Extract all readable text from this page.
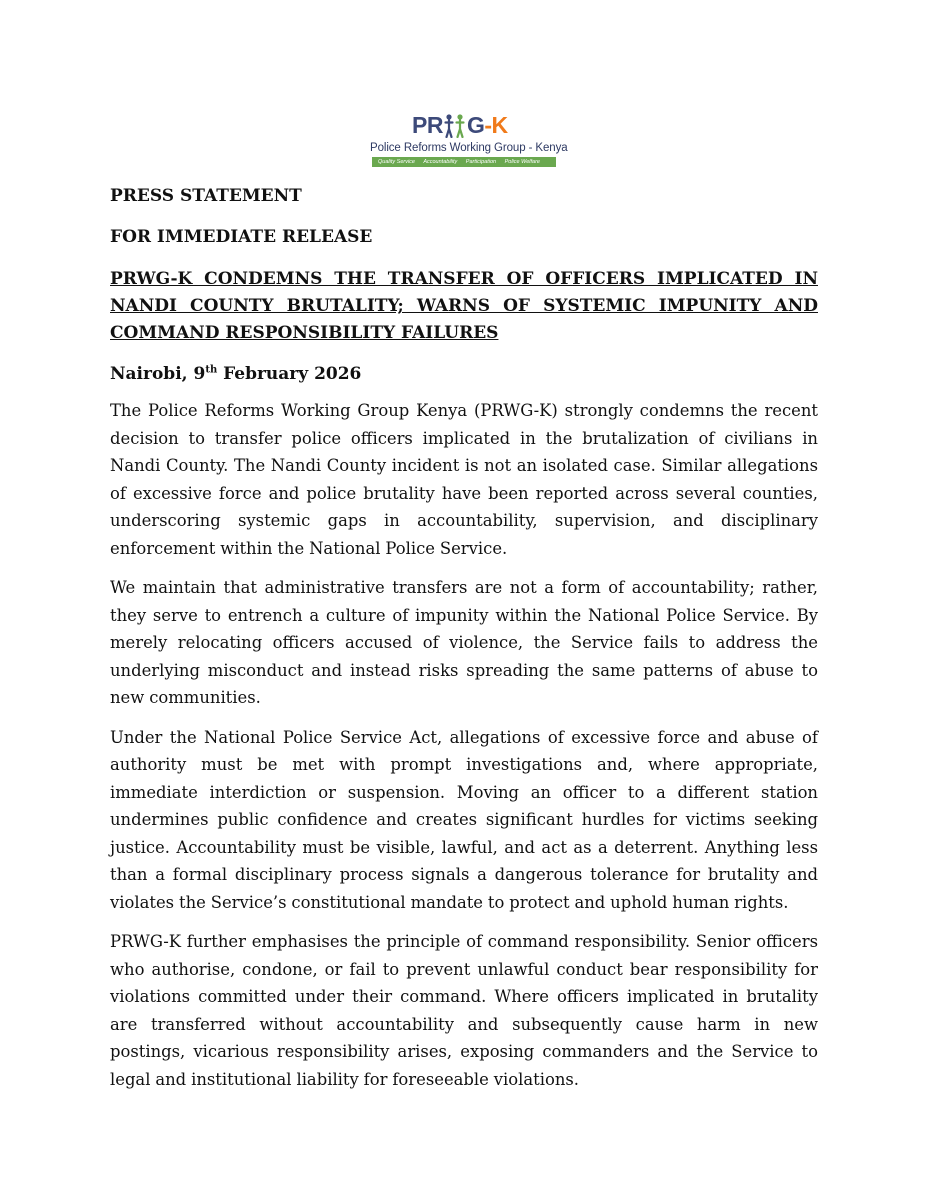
PR G - K
Police Reforms Working Group - Kenya
Quality Service Accountability Participation Police Welfare
PRESS STATEMENT
FOR IMMEDIATE RELEASE
PRWG-K CONDEMNS THE TRANSFER OF OFFICERS IMPLICATED IN NANDI COUNTY BRUTALITY; WARNS OF SYSTEMIC IMPUNITY AND COMMAND RESPONSIBILITY FAILURES
Nairobi, 9th February 2026

The Police Reforms Working Group Kenya (PRWG-K) strongly condemns the recent decision to transfer police officers implicated in the brutalization of civilians in Nandi County. The Nandi County incident is not an isolated case. Similar allegations of excessive force and police brutality have been reported across several counties, underscoring systemic gaps in accountability, supervision, and disciplinary enforcement within the National Police Service.

We maintain that administrative transfers are not a form of accountability; rather, they serve to entrench a culture of impunity within the National Police Service. By merely relocating officers accused of violence, the Service fails to address the underlying misconduct and instead risks spreading the same patterns of abuse to new communities.

Under the National Police Service Act, allegations of excessive force and abuse of authority must be met with prompt investigations and, where appropriate, immediate interdiction or suspension. Moving an officer to a different station undermines public confidence and creates significant hurdles for victims seeking justice. Accountability must be visible, lawful, and act as a deterrent. Anything less than a formal disciplinary process signals a dangerous tolerance for brutality and violates the Service’s constitutional mandate to protect and uphold human rights.

PRWG-K further emphasises the principle of command responsibility. Senior officers who authorise, condone, or fail to prevent unlawful conduct bear responsibility for violations committed under their command. Where officers implicated in brutality are transferred without accountability and subsequently cause harm in new postings, vicarious responsibility arises, exposing commanders and the Service to legal and institutional liability for foreseeable violations.
